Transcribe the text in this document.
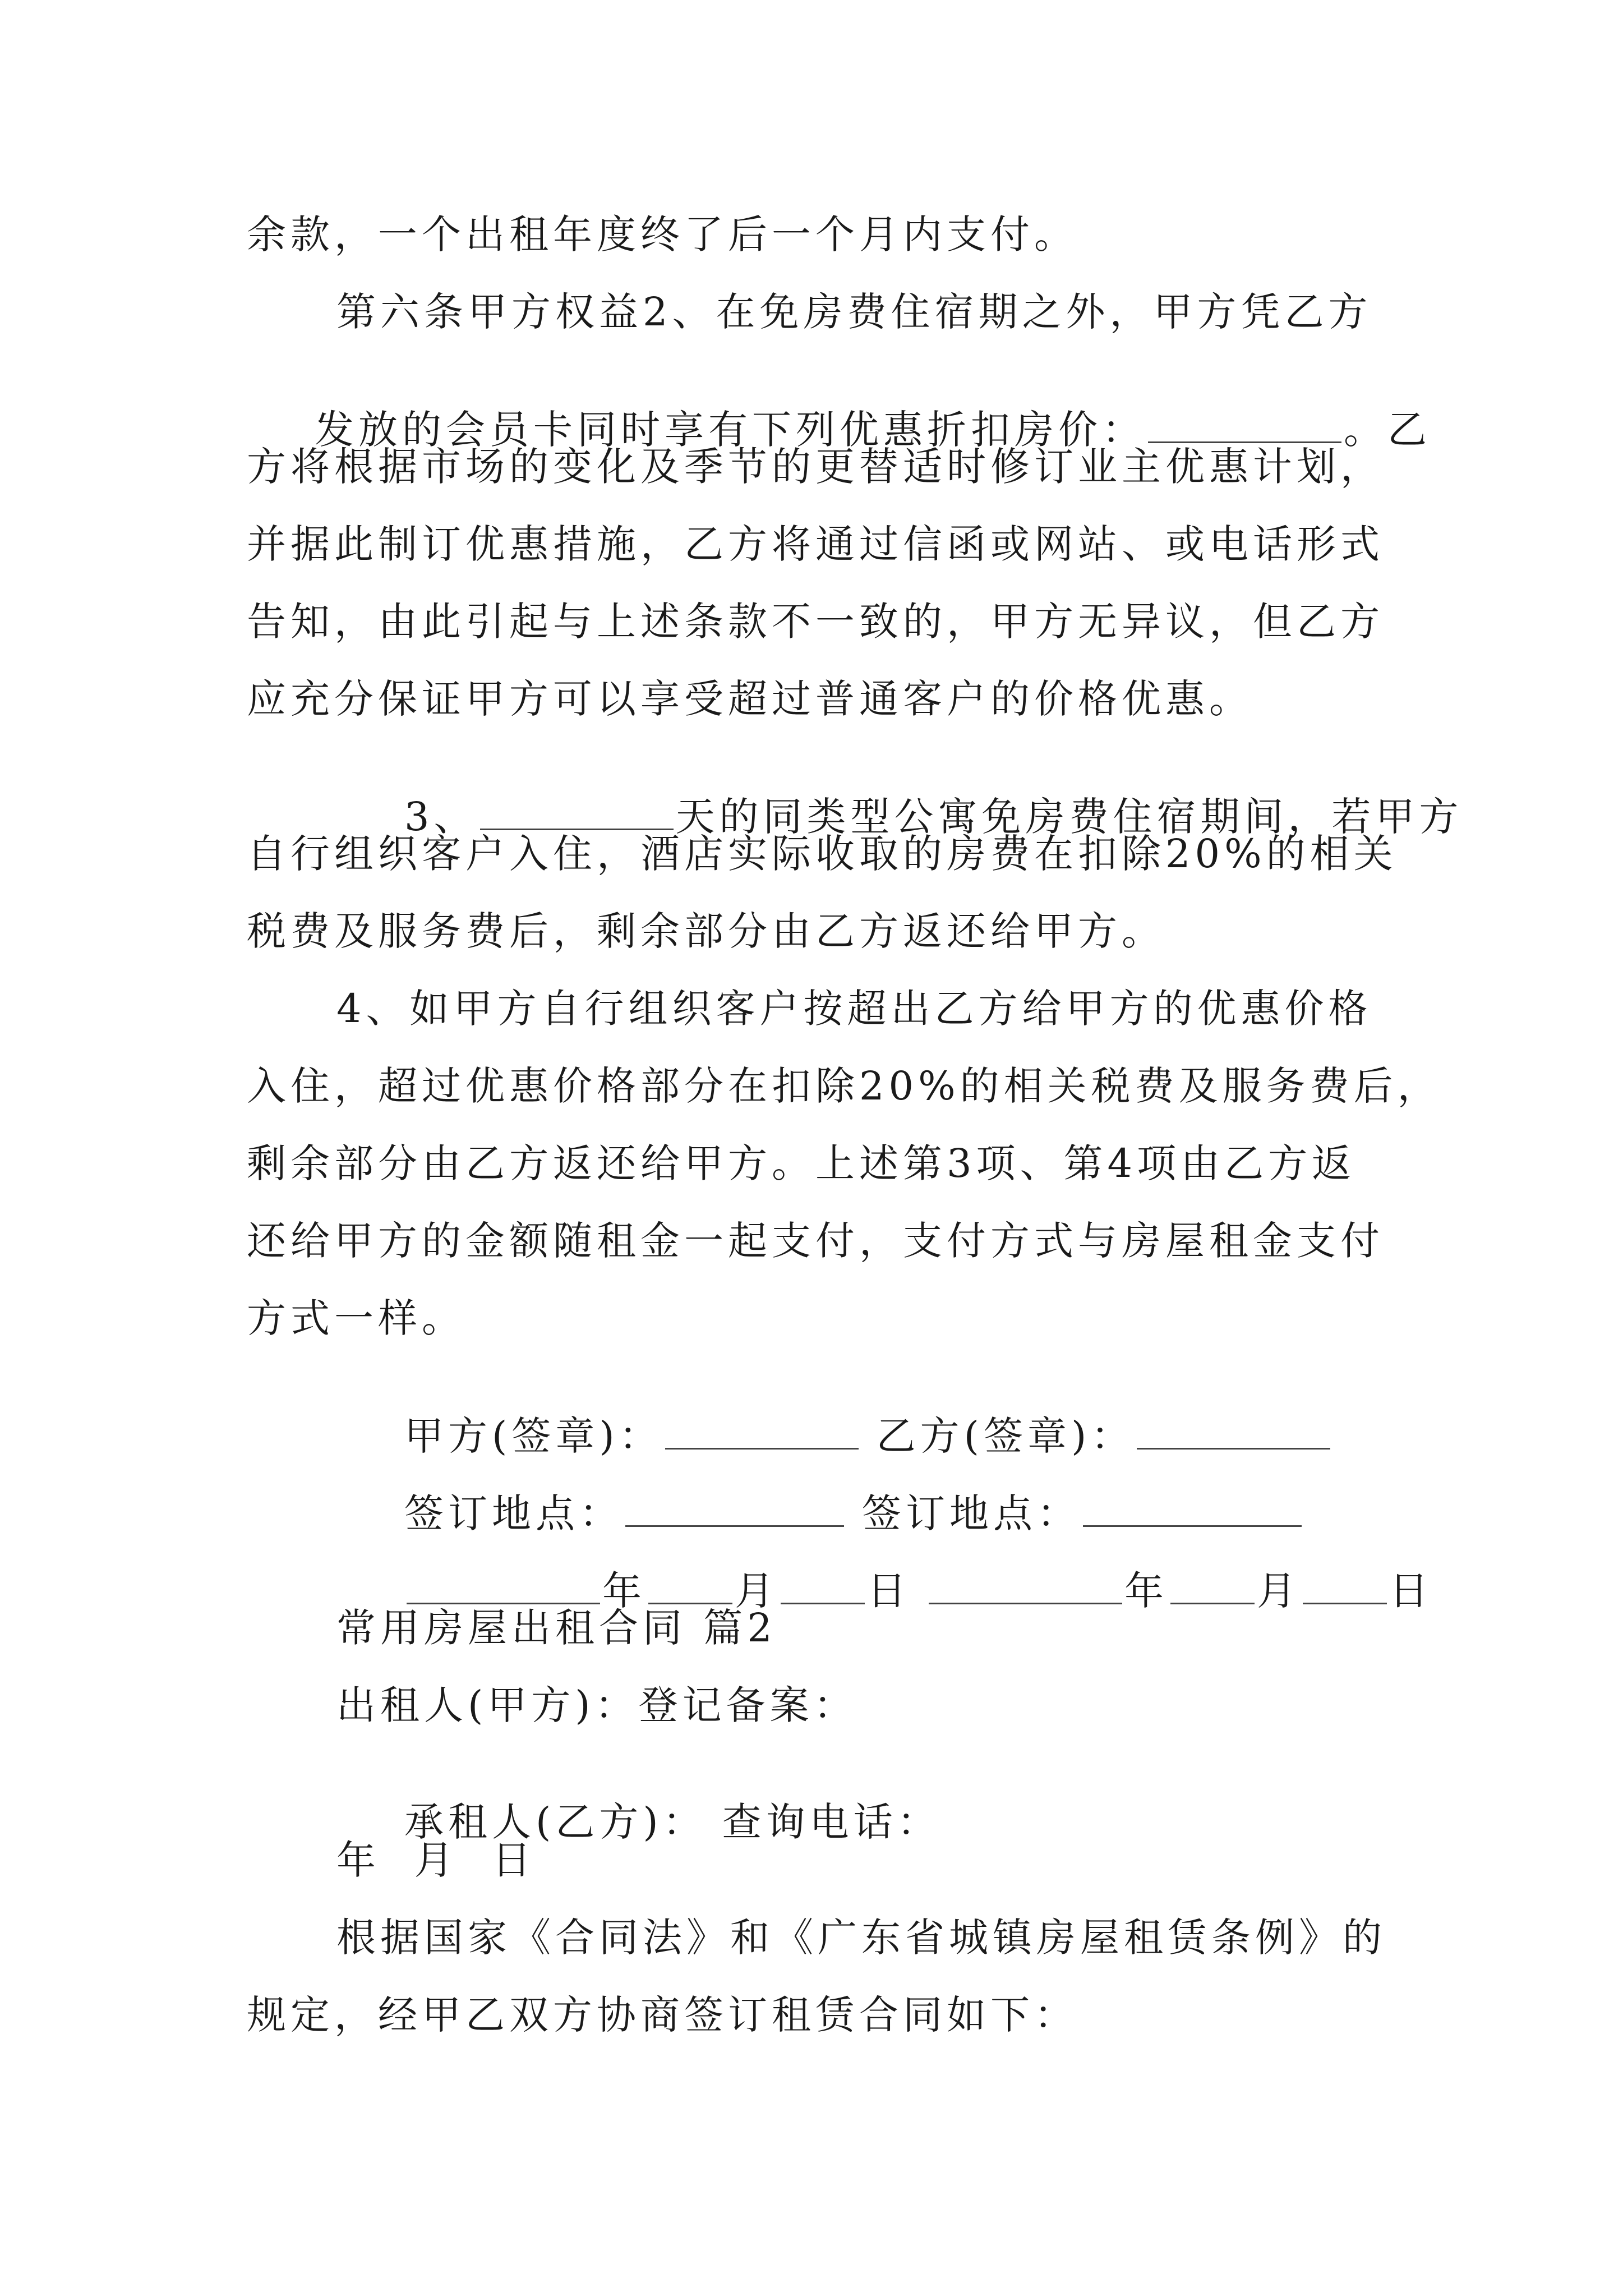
余款，一个出租年度终了后一个月内支付。
第六条甲方权益2、在免房费住宿期之外，甲方凭乙方

发放的会员卡同时享有下列优惠折扣房价：	。乙

方将根据市场的变化及季节的更替适时修订业主优惠计划，
并据此制订优惠措施，乙方将通过信函或网站、或电话形式
告知，由此引起与上述条款不一致的，甲方无异议，但乙方
应充分保证甲方可以享受超过普通客户的价格优惠。

3、	天的同类型公寓免房费住宿期间，若甲方

自行组织客户入住，酒店实际收取的房费在扣除20%的相关
税费及服务费后，剩余部分由乙方返还给甲方。
4、如甲方自行组织客户按超出乙方给甲方的优惠价格
入住，超过优惠价格部分在扣除20%的相关税费及服务费后，
剩余部分由乙方返还给甲方。上述第3项、第4项由乙方返
还给甲方的金额随租金一起支付，支付方式与房屋租金支付
方式一样。

甲方(签章)：	乙方(签章)：

签订地点：	签订地点：

年 月 日	年 月 日

常用房屋出租合同 篇2
出租人(甲方)：登记备案：

承租人(乙方)： 查询电话：

年  月  日
根据国家《合同法》和《广东省城镇房屋租赁条例》的
规定，经甲乙双方协商签订租赁合同如下：
